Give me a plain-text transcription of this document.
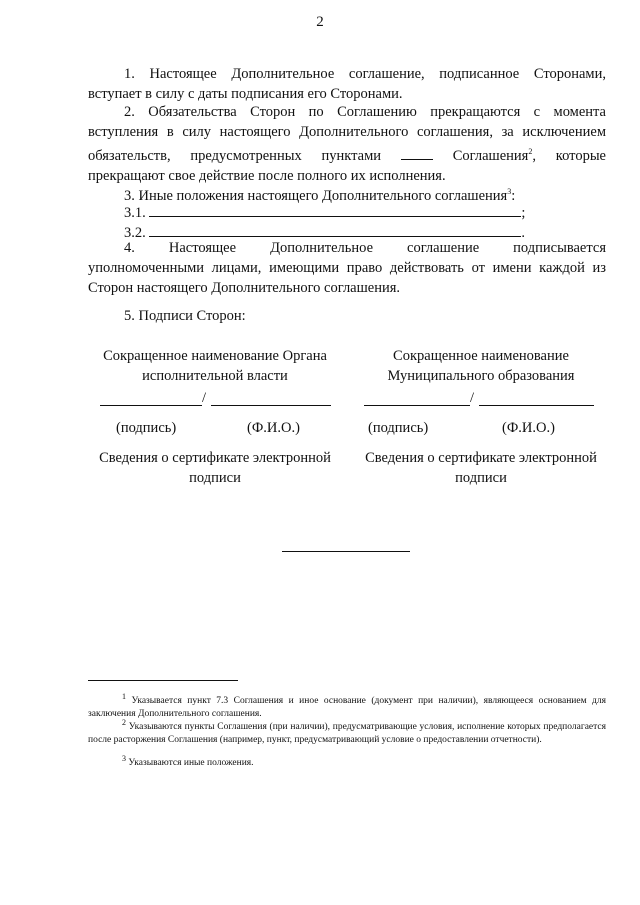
2
1. Настоящее Дополнительное соглашение, подписанное Сторонами,
вступает в силу с даты подписания его Сторонами.
2. Обязательства Сторон по Соглашению прекращаются с момента
вступления в силу настоящего Дополнительного соглашения, за исключением
обязательств, предусмотренных пунктами	Соглашения$^2$, которые
прекращают свое действие после полного их исполнения.
3. Иные положения настоящего Дополнительного соглашения$^3$:
3.1.	;
3.2.	.
4. Настоящее Дополнительное соглашение подписывается
уполномоченными лицами, имеющими право действовать от имени каждой из
Сторон настоящего Дополнительного соглашения.
5. Подписи Сторон:
Сокращенное наименование Органа
исполнительной власти
/
(подпись)	(Ф.И.О.)
Сведения о сертификате электронной
подписи
Сокращенное наименование
Муниципального образования
/
(подпись)	(Ф.И.О.)
Сведения о сертификате электронной
подписи
$^1$ Указывается пункт 7.3 Соглашения и иное основание (документ при наличии), являющееся основанием для заключения Дополнительного соглашения.
$^2$ Указываются пункты Соглашения (при наличии), предусматривающие условия, исполнение которых предполагается после расторжения Соглашения (например, пункт, предусматривающий условие о предоставлении отчетности).
$^3$ Указываются иные положения.
